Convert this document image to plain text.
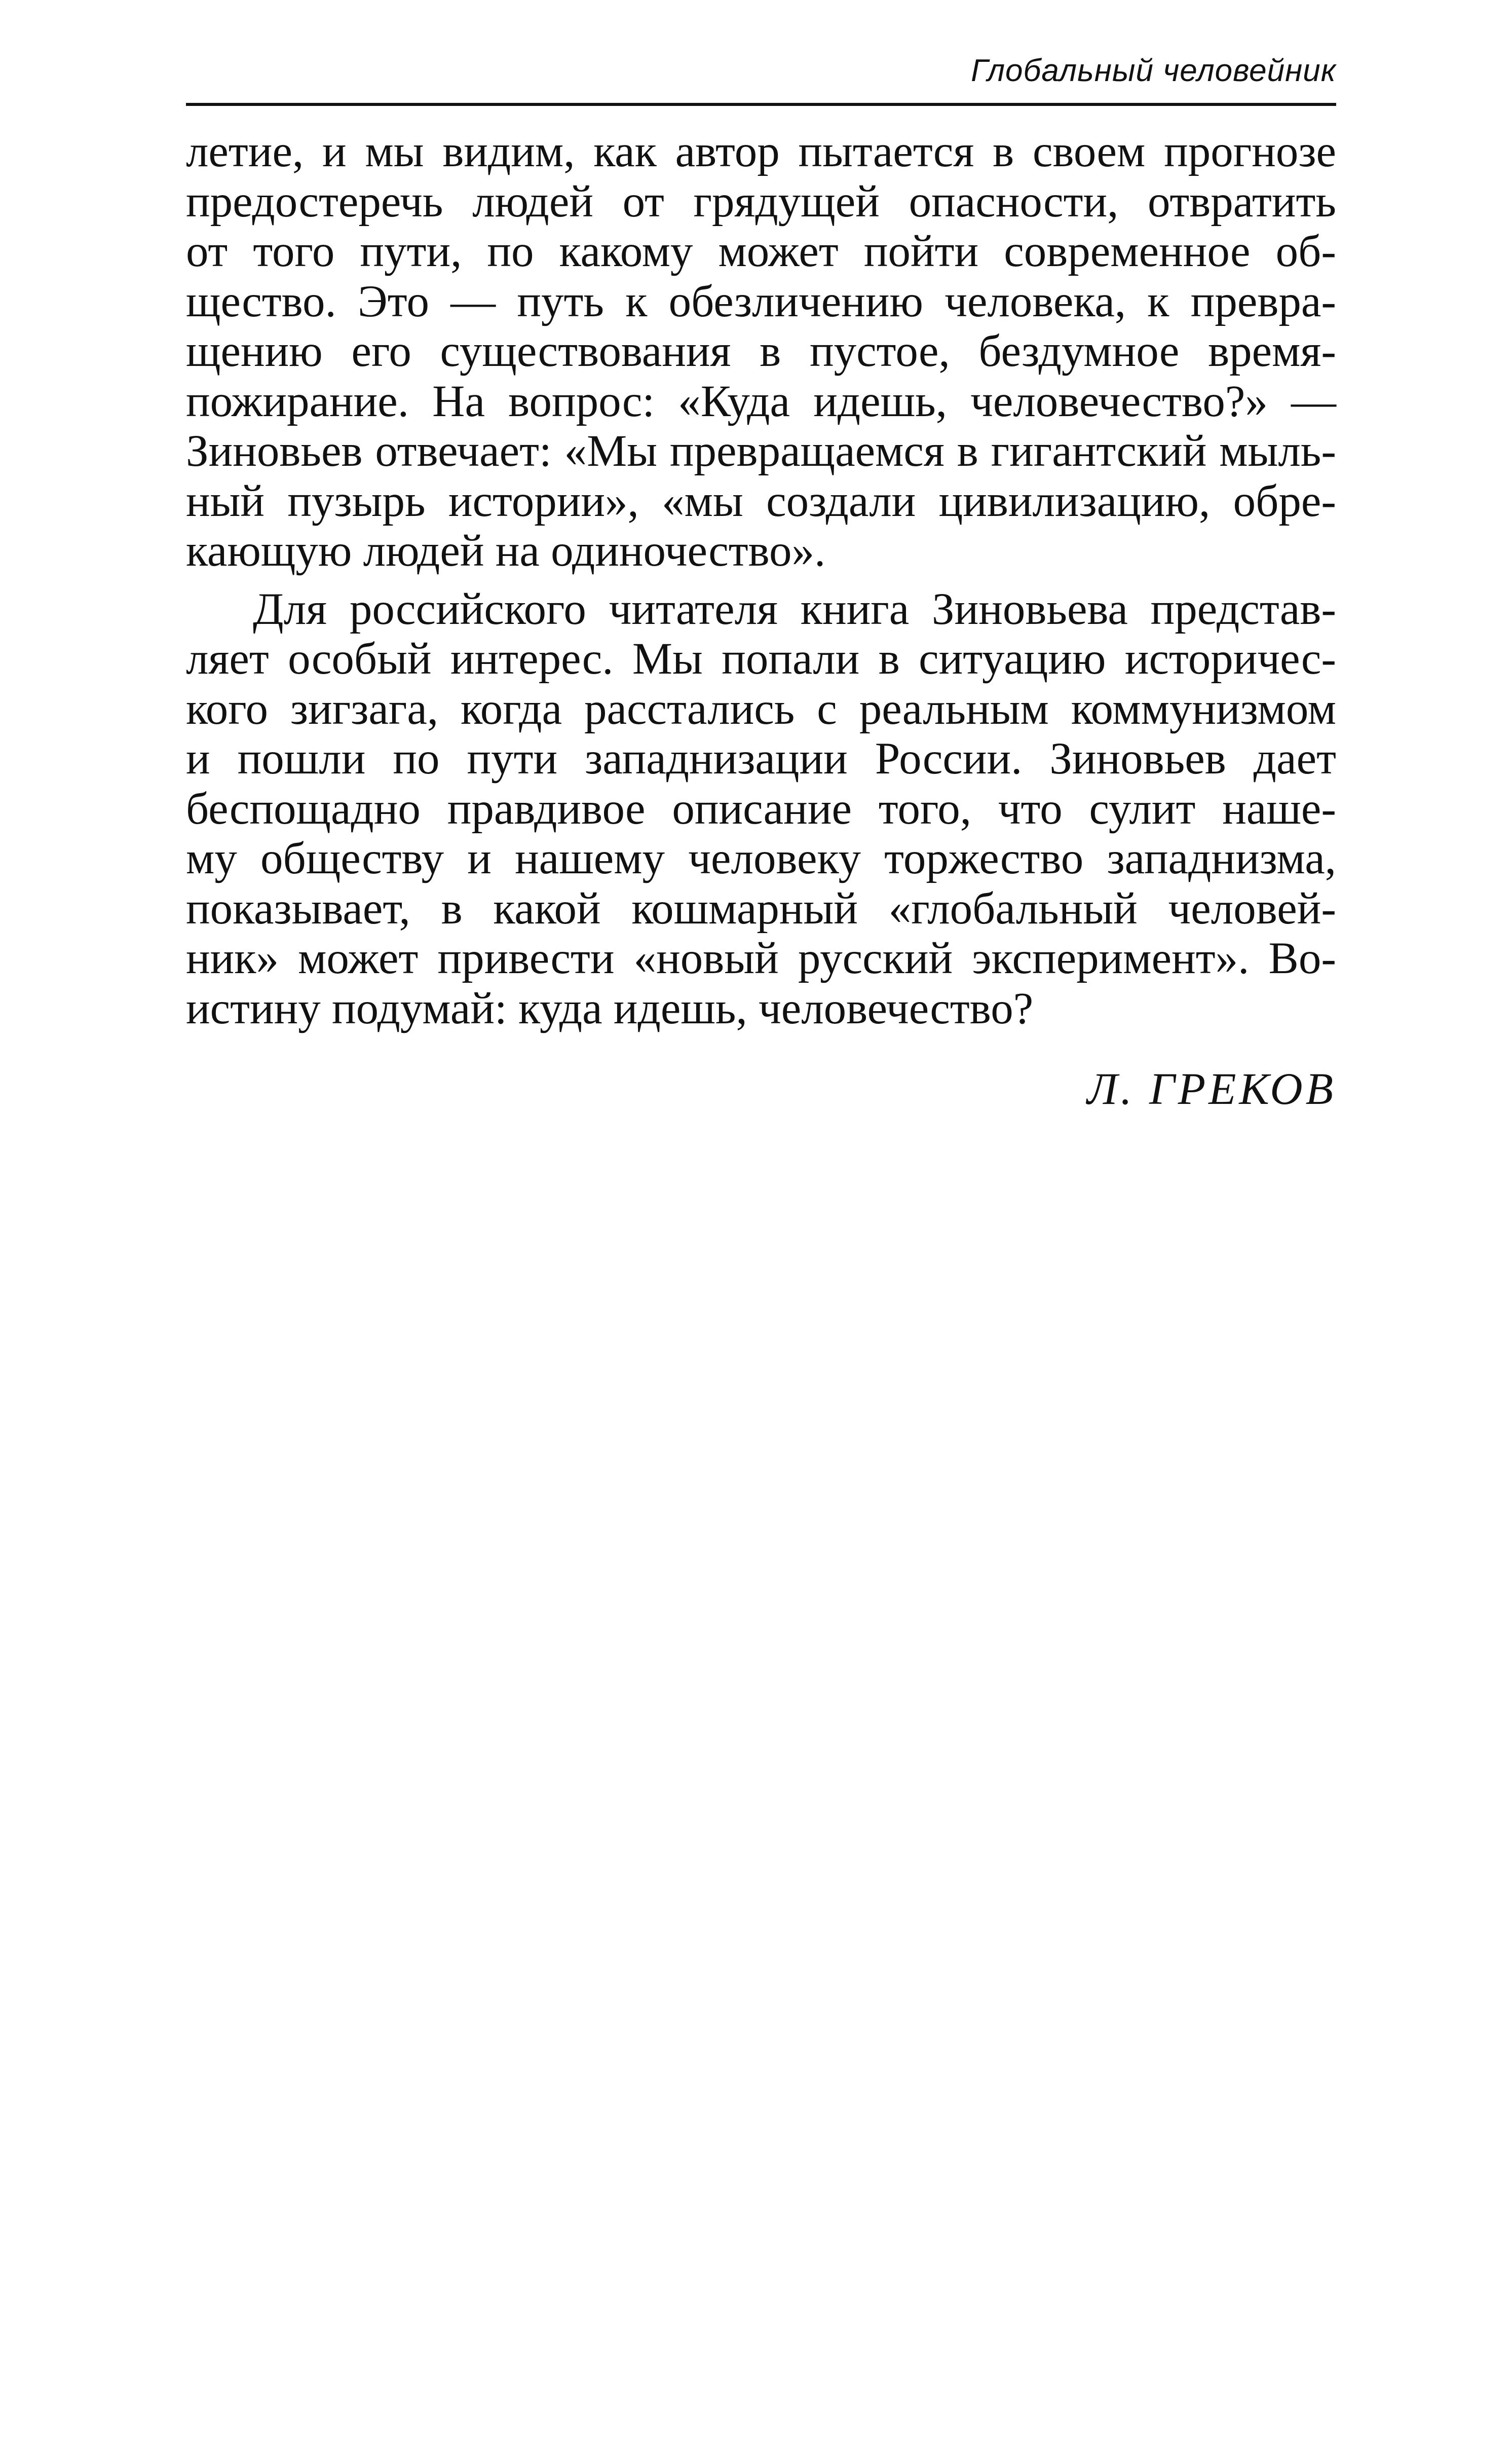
Глобальный человейник
летие, и мы видим, как автор пытается в своем прогнозе
предостеречь людей от грядущей опасности, отвратить
от того пути, по какому может пойти современное об-
щество. Это — путь к обезличению человека, к превра-
щению его существования в пустое, бездумное время-
пожирание. На вопрос: «Куда идешь, человечество?» —
Зиновьев отвечает: «Мы превращаемся в гигантский мыль-
ный пузырь истории», «мы создали цивилизацию, обре-
кающую людей на одиночество».
Для российского читателя книга Зиновьева представ-
ляет особый интерес. Мы попали в ситуацию историчес-
кого зигзага, когда расстались с реальным коммунизмом
и пошли по пути западнизации России. Зиновьев дает
беспощадно правдивое описание того, что сулит наше-
му обществу и нашему человеку торжество западнизма,
показывает, в какой кошмарный «глобальный человей-
ник» может привести «новый русский эксперимент». Во-
истину подумай: куда идешь, человечество?
Л. ГРЕКОВ
